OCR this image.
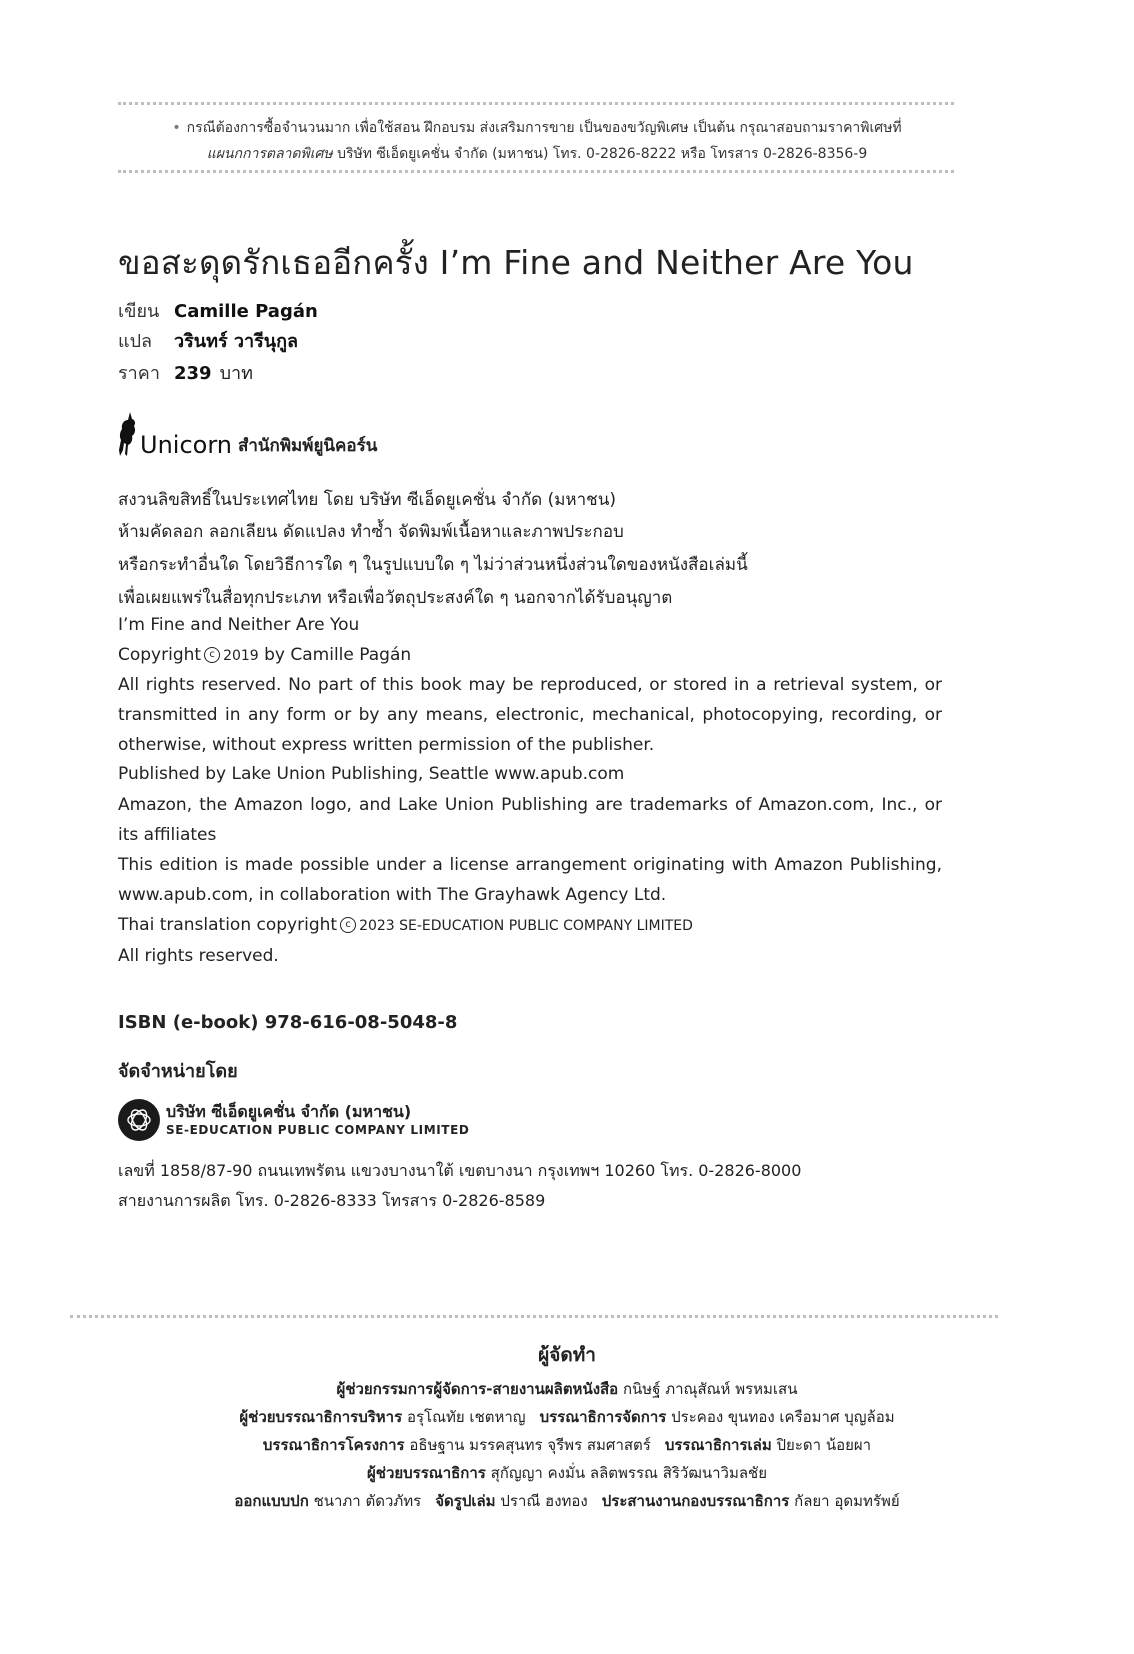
• กรณีต้องการซื้อจำนวนมาก เพื่อใช้สอน ฝึกอบรม ส่งเสริมการขาย เป็นของขวัญพิเศษ เป็นต้น กรุณาสอบถามราคาพิเศษที่
แผนกการตลาดพิเศษ บริษัท ซีเอ็ดยูเคชั่น จำกัด (มหาชน) โทร. 0-2826-8222 หรือ โทรสาร 0-2826-8356-9
ขอสะดุดรักเธออีกครั้ง I’m Fine and Neither Are You
เขียน Camille Pagán
แปล วรินทร์ วารีนุกูล
ราคา 239 บาท
Unicorn สำนักพิมพ์ยูนิคอร์น
สงวนลิขสิทธิ์ในประเทศไทย โดย บริษัท ซีเอ็ดยูเคชั่น จำกัด (มหาชน)
ห้ามคัดลอก ลอกเลียน ดัดแปลง ทำซ้ำ จัดพิมพ์เนื้อหาและภาพประกอบ
หรือกระทำอื่นใด โดยวิธีการใด ๆ ในรูปแบบใด ๆ ไม่ว่าส่วนหนึ่งส่วนใดของหนังสือเล่มนี้
เพื่อเผยแพร่ในสื่อทุกประเภท หรือเพื่อวัตถุประสงค์ใด ๆ นอกจากได้รับอนุญาต
I’m Fine and Neither Are You
Copyright c 2019 by Camille Pagán
All rights reserved. No part of this book may be reproduced, or stored in a retrieval system, or
transmitted in any form or by any means, electronic, mechanical, photocopying, recording, or
otherwise, without express written permission of the publisher.
Published by Lake Union Publishing, Seattle www.apub.com
Amazon, the Amazon logo, and Lake Union Publishing are trademarks of Amazon.com, Inc., or
its affiliates
This edition is made possible under a license arrangement originating with Amazon Publishing,
www.apub.com, in collaboration with The Grayhawk Agency Ltd.
Thai translation copyright c 2023 SE-EDUCATION PUBLIC COMPANY LIMITED
All rights reserved.
ISBN (e-book) 978-616-08-5048-8
จัดจำหน่ายโดย
บริษัท ซีเอ็ดยูเคชั่น จำกัด (มหาชน)
SE-EDUCATION PUBLIC COMPANY LIMITED
เลขที่ 1858/87-90 ถนนเทพรัตน แขวงบางนาใต้ เขตบางนา กรุงเทพฯ 10260 โทร. 0-2826-8000
สายงานการผลิต โทร. 0-2826-8333 โทรสาร 0-2826-8589
ผู้จัดทำ
ผู้ช่วยกรรมการผู้จัดการ-สายงานผลิตหนังสือ กนิษฐ์ ภาณุสัณห์ พรหมเสน
ผู้ช่วยบรรณาธิการบริหาร อรุโณทัย เชตหาญ บรรณาธิการจัดการ ประคอง ขุนทอง เครือมาศ บุญล้อม
บรรณาธิการโครงการ อธิษฐาน มรรคสุนทร จุรีพร สมศาสตร์ บรรณาธิการเล่ม ปิยะดา น้อยผา
ผู้ช่วยบรรณาธิการ สุกัญญา คงมั่น ลลิตพรรณ สิริวัฒนาวิมลชัย
ออกแบบปก ชนาภา ตัดวภัทร จัดรูปเล่ม ปราณี ฮงทอง ประสานงานกองบรรณาธิการ กัลยา อุดมทรัพย์
